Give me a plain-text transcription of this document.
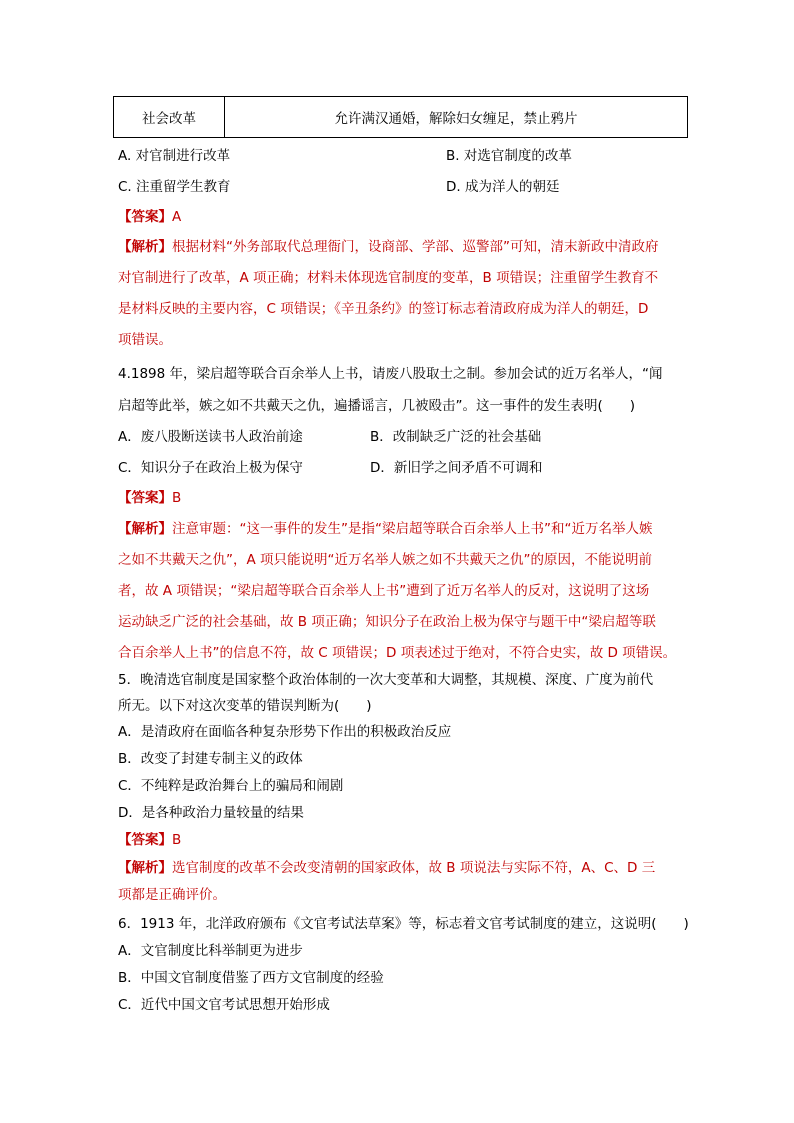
社会改革	允许满汉通婚，解除妇女缠足，禁止鸦片
A. 对官制进行改革	B. 对选官制度的改革
C. 注重留学生教育	D. 成为洋人的朝廷
【答案】A
【解析】根据材料“外务部取代总理衙门，设商部、学部、巡警部”可知，清末新政中清政府
对官制进行了改革，A 项正确；材料未体现选官制度的变革，B 项错误；注重留学生教育不
是材料反映的主要内容，C 项错误；《辛丑条约》的签订标志着清政府成为洋人的朝廷，D
项错误。
4.1898 年，梁启超等联合百余举人上书，请废八股取士之制。参加会试的近万名举人，“闻
启超等此举，嫉之如不共戴天之仇，遍播谣言，几被殴击”。这一事件的发生表明(　　)
A．废八股断送读书人政治前途	B．改制缺乏广泛的社会基础
C．知识分子在政治上极为保守	D．新旧学之间矛盾不可调和
【答案】B
【解析】注意审题：“这一事件的发生”是指“梁启超等联合百余举人上书”和“近万名举人嫉
之如不共戴天之仇”，A 项只能说明“近万名举人嫉之如不共戴天之仇”的原因，不能说明前
者，故 A 项错误；“梁启超等联合百余举人上书”遭到了近万名举人的反对，这说明了这场
运动缺乏广泛的社会基础，故 B 项正确；知识分子在政治上极为保守与题干中“梁启超等联
合百余举人上书”的信息不符，故 C 项错误；D 项表述过于绝对，不符合史实，故 D 项错误。
5．晚清选官制度是国家整个政治体制的一次大变革和大调整，其规模、深度、广度为前代
所无。以下对这次变革的错误判断为(　　)
A．是清政府在面临各种复杂形势下作出的积极政治反应
B．改变了封建专制主义的政体
C．不纯粹是政治舞台上的骗局和闹剧
D．是各种政治力量较量的结果
【答案】B
【解析】选官制度的改革不会改变清朝的国家政体，故 B 项说法与实际不符，A、C、D 三
项都是正确评价。
6．1913 年，北洋政府颁布《文官考试法草案》等，标志着文官考试制度的建立，这说明(　　)
A．文官制度比科举制更为进步
B．中国文官制度借鉴了西方文官制度的经验
C．近代中国文官考试思想开始形成
